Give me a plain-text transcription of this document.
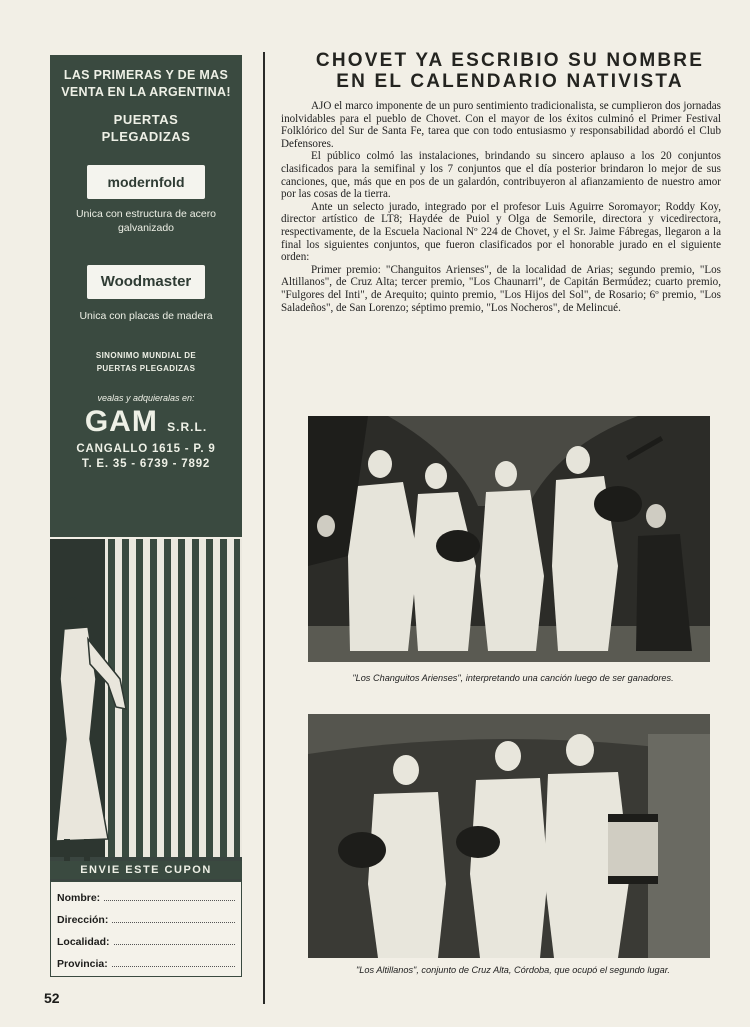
LAS PRIMERAS Y DE MAS VENTA EN LA ARGENTINA!
PUERTAS PLEGADIZAS
modernfold
Unica con estructura de acero galvanizado
Woodmaster
Unica con placas de madera
SINONIMO MUNDIAL DE PUERTAS PLEGADIZAS
vealas y adquieralas en:
GAM S.R.L.
CANGALLO 1615 - P. 9
T. E. 35 - 6739 - 7892
ENVIE ESTE CUPON
Nombre:
Dirección:
Localidad:
Provincia:
52
CHOVET YA ESCRIBIO SU NOMBRE
EN EL CALENDARIO NATIVISTA

AJO el marco imponente de un puro sentimiento tradicionalista, se cumplieron dos jornadas inolvidables para el pueblo de Chovet. Con el mayor de los éxitos culminó el Primer Festival Folklórico del Sur de Santa Fe, tarea que con todo entusiasmo y responsabilidad abordó el Club Defensores.

El público colmó las instalaciones, brindando su sincero aplauso a los 20 conjuntos clasificados para la semifinal y los 7 conjuntos que el día posterior brindaron lo mejor de sus canciones, que, más que en pos de un galardón, contribuyeron al afianzamiento de nuestro amor por las cosas de la tierra.

Ante un selecto jurado, integrado por el profesor Luis Aguirre Soromayor; Roddy Koy, director artístico de LT8; Haydée de Puiol y Olga de Semorile, directora y vicedirectora, respectivamente, de la Escuela Nacional Nº 224 de Chovet, y el Sr. Jaime Fábregas, llegaron a la final los siguientes conjuntos, que fueron clasificados por el honorable jurado en el siguiente orden:

Primer premio: "Changuitos Arienses", de la localidad de Arias; segundo premio, "Los Altillanos", de Cruz Alta; tercer premio, "Los Chaunarri", de Capitán Bermúdez; cuarto premio, "Fulgores del Inti", de Arequito; quinto premio, "Los Hijos del Sol", de Rosario; 6º premio, "Los Saladeños", de San Lorenzo; séptimo premio, "Los Nocheros", de Melincué.

"Los Changuitos Arienses", interpretando una canción luego de ser ganadores.
"Los Altillanos", conjunto de Cruz Alta, Córdoba, que ocupó el segundo lugar.
